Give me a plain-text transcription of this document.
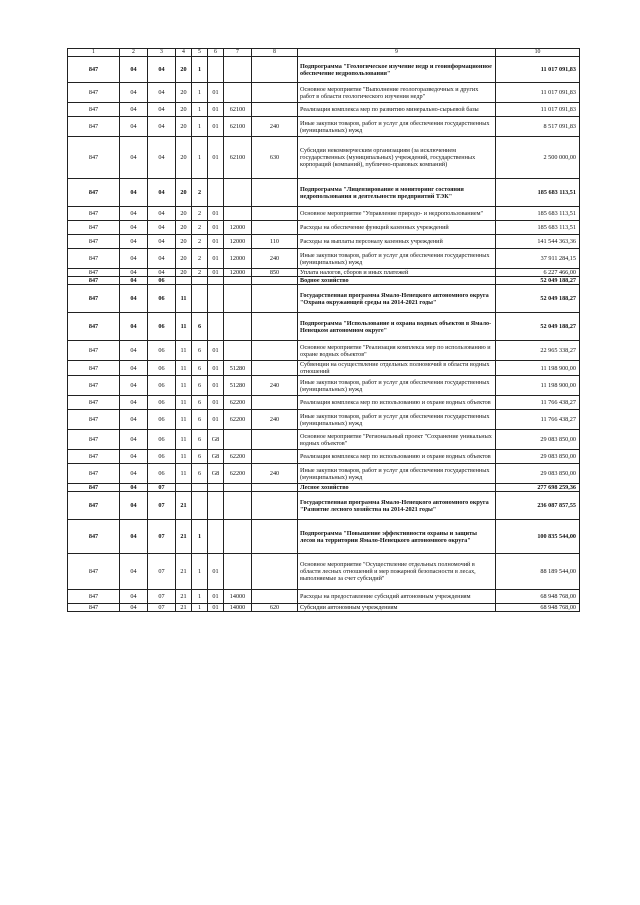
1	2	3	4	5	6	7	8	9	10
847	04	04	20	1				Подпрограмма "Геологическое изучение недр и геоинформационное обеспечение недропользования"	11 017 091,83
847	04	04	20	1	01			Основное мероприятие "Выполнение геологоразведочных и других работ в области геологического изучения недр"	11 017 091,83
847	04	04	20	1	01	62100		Реализация комплекса мер по развитию минерально-сырьевой базы	11 017 091,83
847	04	04	20	1	01	62100	240	Иные закупки товаров, работ и услуг для обеспечения государственных (муниципальных) нужд	8 517 091,83
847	04	04	20	1	01	62100	630	Субсидии некоммерческим организациям (за исключением государственных (муниципальных) учреждений, государственных корпораций (компаний), публично-правовых компаний)	2 500 000,00
847	04	04	20	2				Подпрограмма "Лицензирование и мониторинг состояния недропользования и деятельности предприятий ТЭК"	185 683 113,51
847	04	04	20	2	01			Основное мероприятие "Управление природо- и недропользованием"	185 683 113,51
847	04	04	20	2	01	12000		Расходы на обеспечение функций казенных учреждений	185 683 113,51
847	04	04	20	2	01	12000	110	Расходы на выплаты персоналу казенных учреждений	141 544 363,36
847	04	04	20	2	01	12000	240	Иные закупки товаров, работ и услуг для обеспечения государственных (муниципальных) нужд	37 911 284,15
847	04	04	20	2	01	12000	850	Уплата налогов, сборов и иных платежей	6 227 466,00
847	04	06						Водное хозяйство	52 049 188,27
847	04	06	11					Государственная программа Ямало-Ненецкого автономного округа "Охрана окружающей среды на 2014-2021 годы"	52 049 188,27
847	04	06	11	6				Подпрограмма "Использование и охрана водных объектов в Ямало-Ненецком автономном округе"	52 049 188,27
847	04	06	11	6	01			Основное мероприятие "Реализация комплекса мер по использованию и охране водных объектов"	22 965 338,27
847	04	06	11	6	01	51280		Субвенции на осуществление отдельных полномочий в области водных отношений	11 198 900,00
847	04	06	11	6	01	51280	240	Иные закупки товаров, работ и услуг для обеспечения государственных (муниципальных) нужд	11 198 900,00
847	04	06	11	6	01	62200		Реализация комплекса мер по использованию и охране водных объектов	11 766 438,27
847	04	06	11	6	01	62200	240	Иные закупки товаров, работ и услуг для обеспечения государственных (муниципальных) нужд	11 766 438,27
847	04	06	11	6	G8			Основное мероприятие "Региональный проект "Сохранение уникальных водных объектов"	29 083 850,00
847	04	06	11	6	G8	62200		Реализация комплекса мер по использованию и охране водных объектов	29 083 850,00
847	04	06	11	6	G8	62200	240	Иные закупки товаров, работ и услуг для обеспечения государственных (муниципальных) нужд	29 083 850,00
847	04	07						Лесное хозяйство	277 698 259,36
847	04	07	21					Государственная программа Ямало-Ненецкого автономного округа "Развитие лесного хозяйства на 2014-2021 годы"	236 087 857,55
847	04	07	21	1				Подпрограмма "Повышение эффективности охраны и защиты лесов на территории Ямало-Ненецкого автономного округа"	100 835 544,00
847	04	07	21	1	01			Основное мероприятие "Осуществление отдельных полномочий в области лесных отношений и мер пожарной безопасности в лесах, выполняемые за счет субсидий"	88 189 544,00
847	04	07	21	1	01	14000		Расходы на предоставление субсидий автономным учреждениям	68 948 768,00
847	04	07	21	1	01	14000	620	Субсидии автономным учреждениям	68 948 768,00
